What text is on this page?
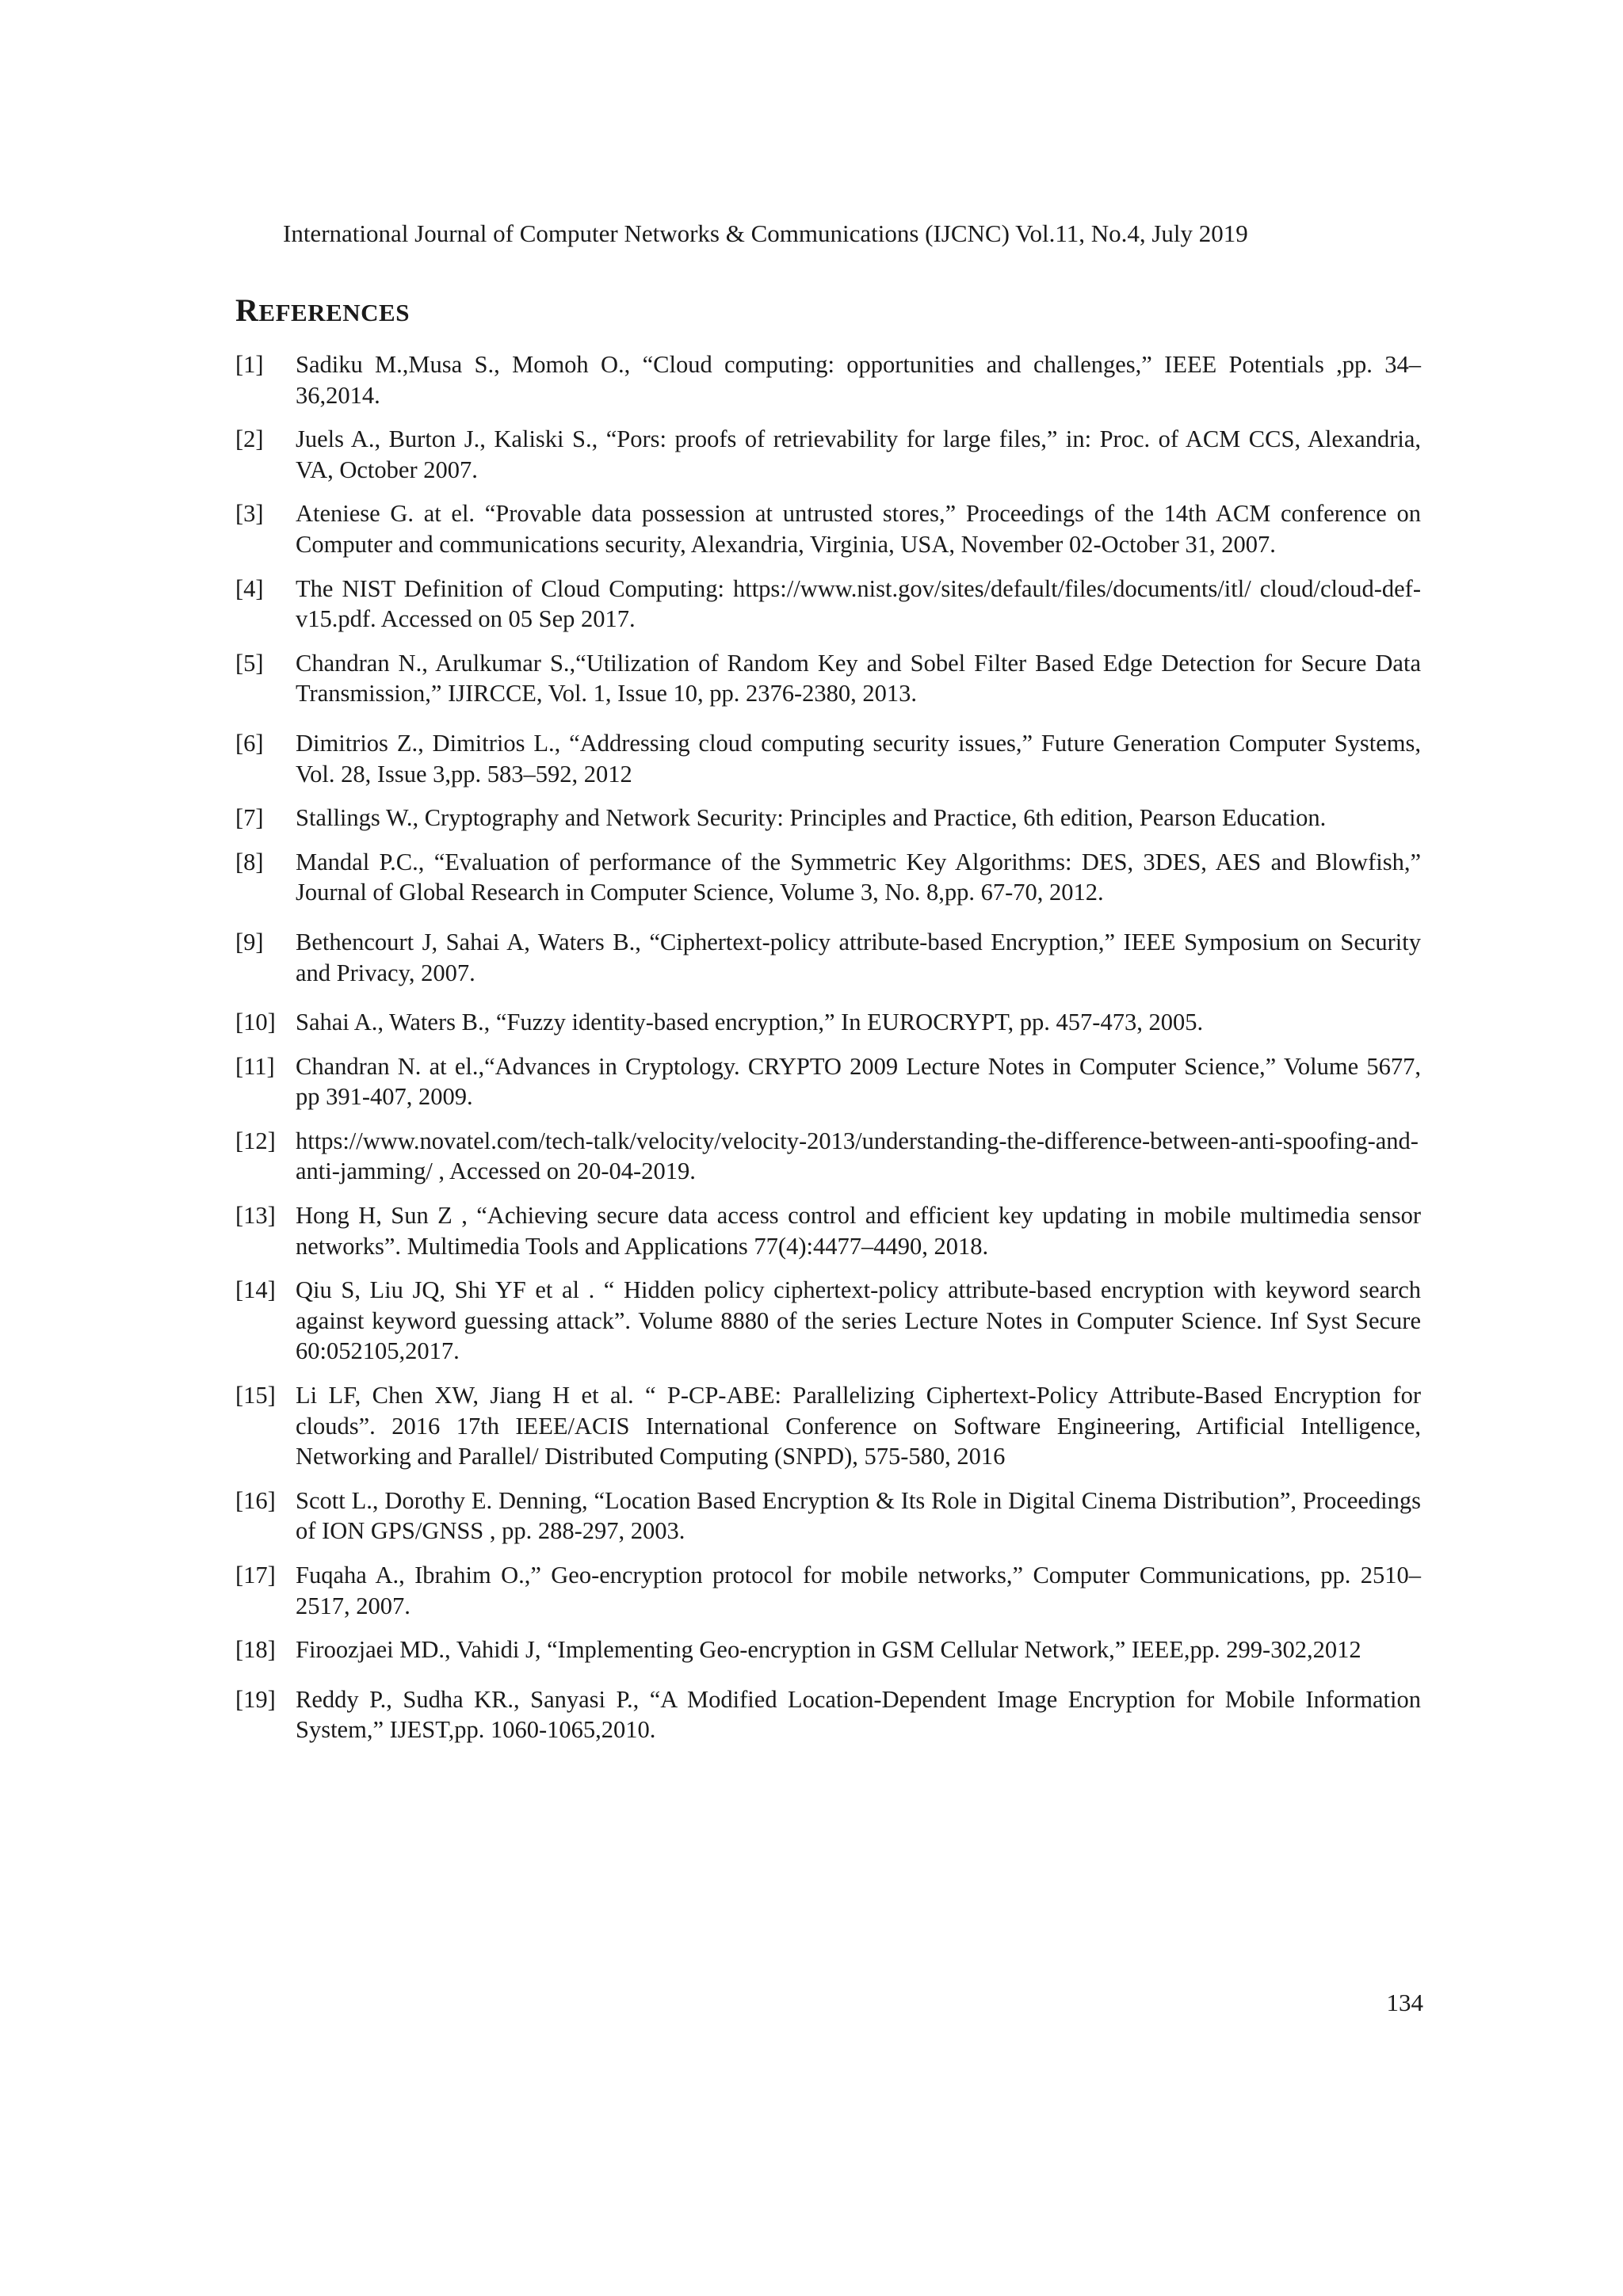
International Journal of Computer Networks & Communications (IJCNC) Vol.11, No.4, July 2019
REFERENCES
[1]	Sadiku M.,Musa S., Momoh O., “Cloud computing: opportunities and challenges,” IEEE Potentials ,pp. 34–36,2014.
[2]	Juels A., Burton J., Kaliski S., “Pors: proofs of retrievability for large files,” in: Proc. of ACM CCS, Alexandria, VA, October 2007.
[3]	Ateniese G. at el. “Provable data possession at untrusted stores,” Proceedings of the 14th ACM conference on Computer and communications security, Alexandria, Virginia, USA, November 02-October 31, 2007.
[4]	The NIST Definition of Cloud Computing: https://www.nist.gov/sites/default/files/documents/itl/ cloud/cloud-def-v15.pdf. Accessed on 05 Sep 2017.
[5]	Chandran N., Arulkumar S.,“Utilization of Random Key and Sobel Filter Based Edge Detection for Secure Data Transmission,” IJIRCCE, Vol. 1, Issue 10, pp. 2376-2380, 2013.
[6]	Dimitrios Z., Dimitrios L., “Addressing cloud computing security issues,” Future Generation Computer Systems, Vol. 28, Issue 3,pp. 583–592, 2012
[7]	Stallings W., Cryptography and Network Security: Principles and Practice, 6th edition, Pearson Education.
[8]	Mandal P.C., “Evaluation of performance of the Symmetric Key Algorithms: DES, 3DES, AES and Blowfish,” Journal of Global Research in Computer Science, Volume 3, No. 8,pp. 67-70, 2012.
[9]	Bethencourt J, Sahai A, Waters B., “Ciphertext-policy attribute-based Encryption,” IEEE Symposium on Security and Privacy, 2007.
[10] Sahai A., Waters B., “Fuzzy identity-based encryption,” In EUROCRYPT, pp. 457-473, 2005.
[11] Chandran N. at el.,“Advances in Cryptology. CRYPTO 2009 Lecture Notes in Computer Science,” Volume 5677, pp 391-407, 2009.
[12] https://www.novatel.com/tech-talk/velocity/velocity-2013/understanding-the-difference-between-anti-spoofing-and-anti-jamming/ , Accessed on 20-04-2019.
[13] Hong H, Sun Z , “Achieving secure data access control and efficient key updating in mobile multimedia sensor networks”. Multimedia Tools and Applications 77(4):4477–4490, 2018.
[14] Qiu S, Liu JQ, Shi YF et al . “ Hidden policy ciphertext-policy attribute-based encryption with keyword search against keyword guessing attack”. Volume 8880 of the series Lecture Notes in Computer Science. Inf Syst Secure 60:052105,2017.
[15] Li LF, Chen XW, Jiang H et al. “ P-CP-ABE: Parallelizing Ciphertext-Policy Attribute-Based Encryption for clouds”. 2016 17th IEEE/ACIS International Conference on Software Engineering, Artificial Intelligence, Networking and Parallel/ Distributed Computing (SNPD), 575-580, 2016
[16] Scott L., Dorothy E. Denning, “Location Based Encryption & Its Role in Digital Cinema Distribution”, Proceedings of ION GPS/GNSS , pp. 288-297, 2003.
[17] Fuqaha A., Ibrahim O.,” Geo-encryption protocol for mobile networks,” Computer Communications, pp. 2510–2517, 2007.
[18] Firoozjaei MD., Vahidi J, “Implementing Geo-encryption in GSM Cellular Network,” IEEE,pp. 299-302,2012
[19] Reddy P., Sudha KR., Sanyasi P., “A Modified Location-Dependent Image Encryption for Mobile Information System,” IJEST,pp. 1060-1065,2010.
134
